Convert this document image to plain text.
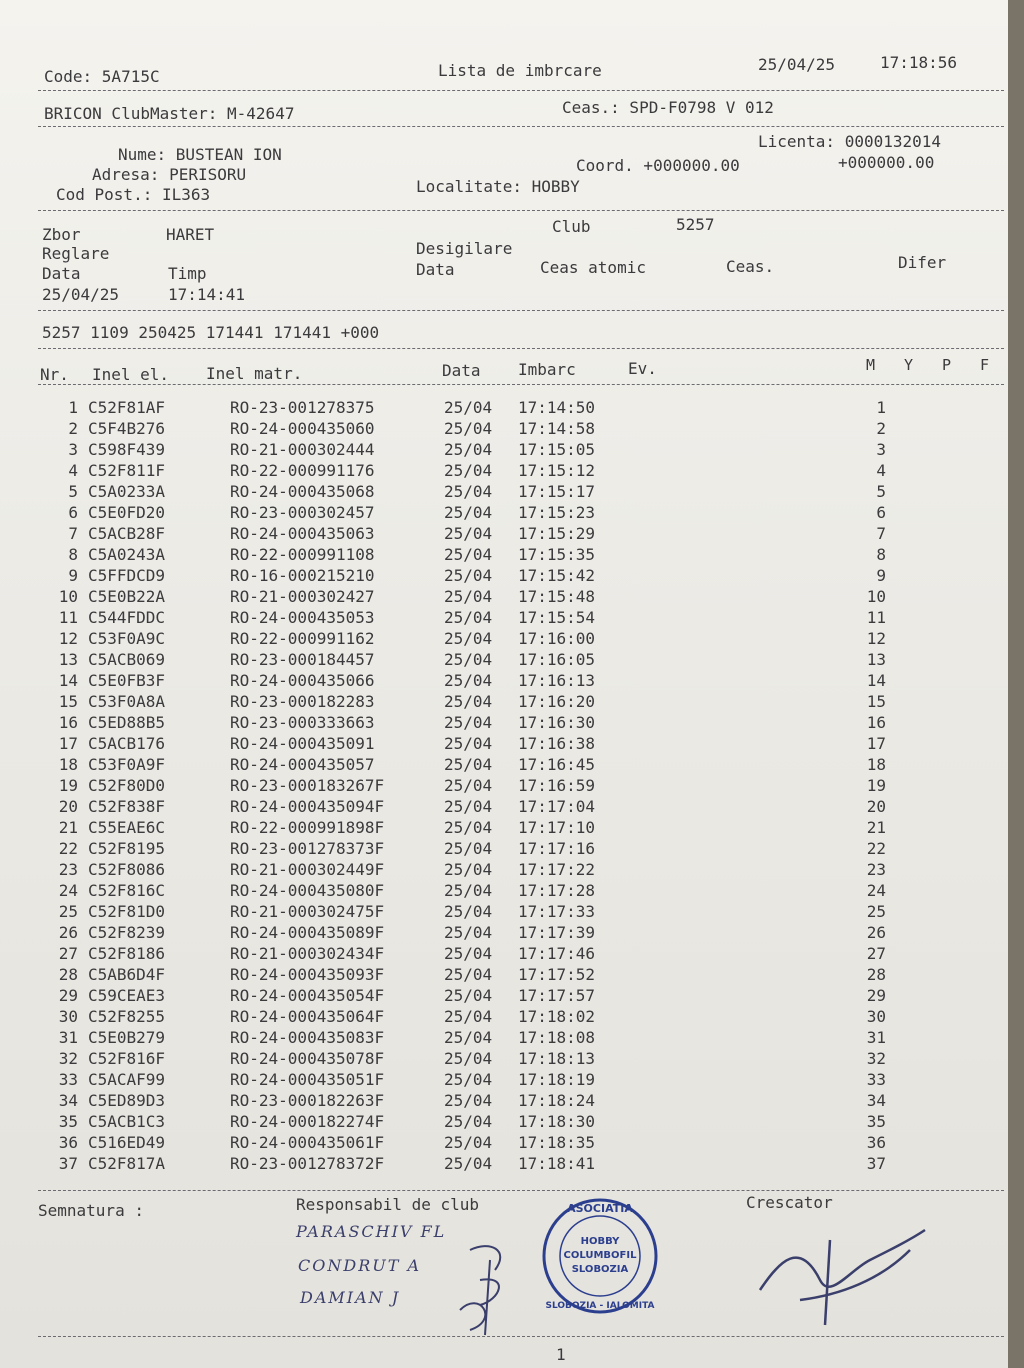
Code: 5A715C	Lista de imbrcare	25/04/25	17:18:56
BRICON ClubMaster: M-42647	Ceas.: SPD-F0798 V 012
Licenta: 0000132014
Nume: BUSTEAN ION
Adresa: PERISORU	Coord. +000000.00	+000000.00
Cod Post.: IL363	Localitate: HOBBY
Zbor	HARET	Club	5257
Reglare	Desigilare
Data	Timp	Data	Ceas atomic	Ceas.	Difer
25/04/25	17:14:41
5257 1109 250425 171441 171441 +000
Nr. Inel el. Inel matr.	Data Imbarc	Ev.	M Y P F
1 C52F81AF	RO-23-001278375	25/04 17:14:50	1
2 C5F4B276	RO-24-000435060	25/04 17:14:58	2
3 C598F439	RO-21-000302444	25/04 17:15:05	3
4 C52F811F	RO-22-000991176	25/04 17:15:12	4
5 C5A0233A	RO-24-000435068	25/04 17:15:17	5
6 C5E0FD20	RO-23-000302457	25/04 17:15:23	6
7 C5ACB28F	RO-24-000435063	25/04 17:15:29	7
8 C5A0243A	RO-22-000991108	25/04 17:15:35	8
9 C5FFDCD9	RO-16-000215210	25/04 17:15:42	9
10 C5E0B22A	RO-21-000302427	25/04 17:15:48	10
11 C544FDDC	RO-24-000435053	25/04 17:15:54	11
12 C53F0A9C	RO-22-000991162	25/04 17:16:00	12
13 C5ACB069	RO-23-000184457	25/04 17:16:05	13
14 C5E0FB3F	RO-24-000435066	25/04 17:16:13	14
15 C53F0A8A	RO-23-000182283	25/04 17:16:20	15
16 C5ED88B5	RO-23-000333663	25/04 17:16:30	16
17 C5ACB176	RO-24-000435091	25/04 17:16:38	17
18 C53F0A9F	RO-24-000435057	25/04 17:16:45	18
19 C52F80D0	RO-23-000183267F	25/04 17:16:59	19
20 C52F838F	RO-24-000435094F	25/04 17:17:04	20
21 C55EAE6C	RO-22-000991898F	25/04 17:17:10	21
22 C52F8195	RO-23-001278373F	25/04 17:17:16	22
23 C52F8086	RO-21-000302449F	25/04 17:17:22	23
24 C52F816C	RO-24-000435080F	25/04 17:17:28	24
25 C52F81D0	RO-21-000302475F	25/04 17:17:33	25
26 C52F8239	RO-24-000435089F	25/04 17:17:39	26
27 C52F8186	RO-21-000302434F	25/04 17:17:46	27
28 C5AB6D4F	RO-24-000435093F	25/04 17:17:52	28
29 C59CEAE3	RO-24-000435054F	25/04 17:17:57	29
30 C52F8255	RO-24-000435064F	25/04 17:18:02	30
31 C5E0B279	RO-24-000435083F	25/04 17:18:08	31
32 C52F816F	RO-24-000435078F	25/04 17:18:13	32
33 C5ACAF99	RO-24-000435051F	25/04 17:18:19	33
34 C5ED89D3	RO-23-000182263F	25/04 17:18:24	34
35 C5ACB1C3	RO-24-000182274F	25/04 17:18:30	35
36 C516ED49	RO-24-000435061F	25/04 17:18:35	36
37 C52F817A	RO-23-001278372F	25/04 17:18:41	37
Semnatura :	Responsabil de club	Crescator
PARASCHIV FL
CONDRUT A
DAMIAN J
ASOCIATIA
HOBBY
COLUMBOFIL
SLOBOZIA
SLOBOZIA - IALOMITA
1
